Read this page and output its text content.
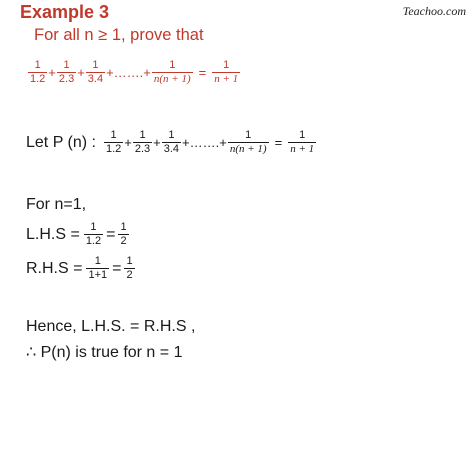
Teachoo.com
Example 3
For all n ≥ 1, prove that
$\frac{1}{1.2} + \frac{1}{2.3} + \frac{1}{3.4}$ +…….+ $\frac{1}{n(n + 1)} = \frac{1}{n + 1}$
Let P (n) : $\frac{1}{1.2} + \frac{1}{2.3} + \frac{1}{3.4}$ +…….+ $\frac{1}{n(n + 1)} = \frac{1}{n + 1}$
For n=1,
$L.H.S = \frac{1}{1.2} = \frac{1}{2}$
$R.H.S = \frac{1}{1+1} = \frac{1}{2}$
Hence, L.H.S. = R.H.S ,
∴ P(n) is true for n = 1
